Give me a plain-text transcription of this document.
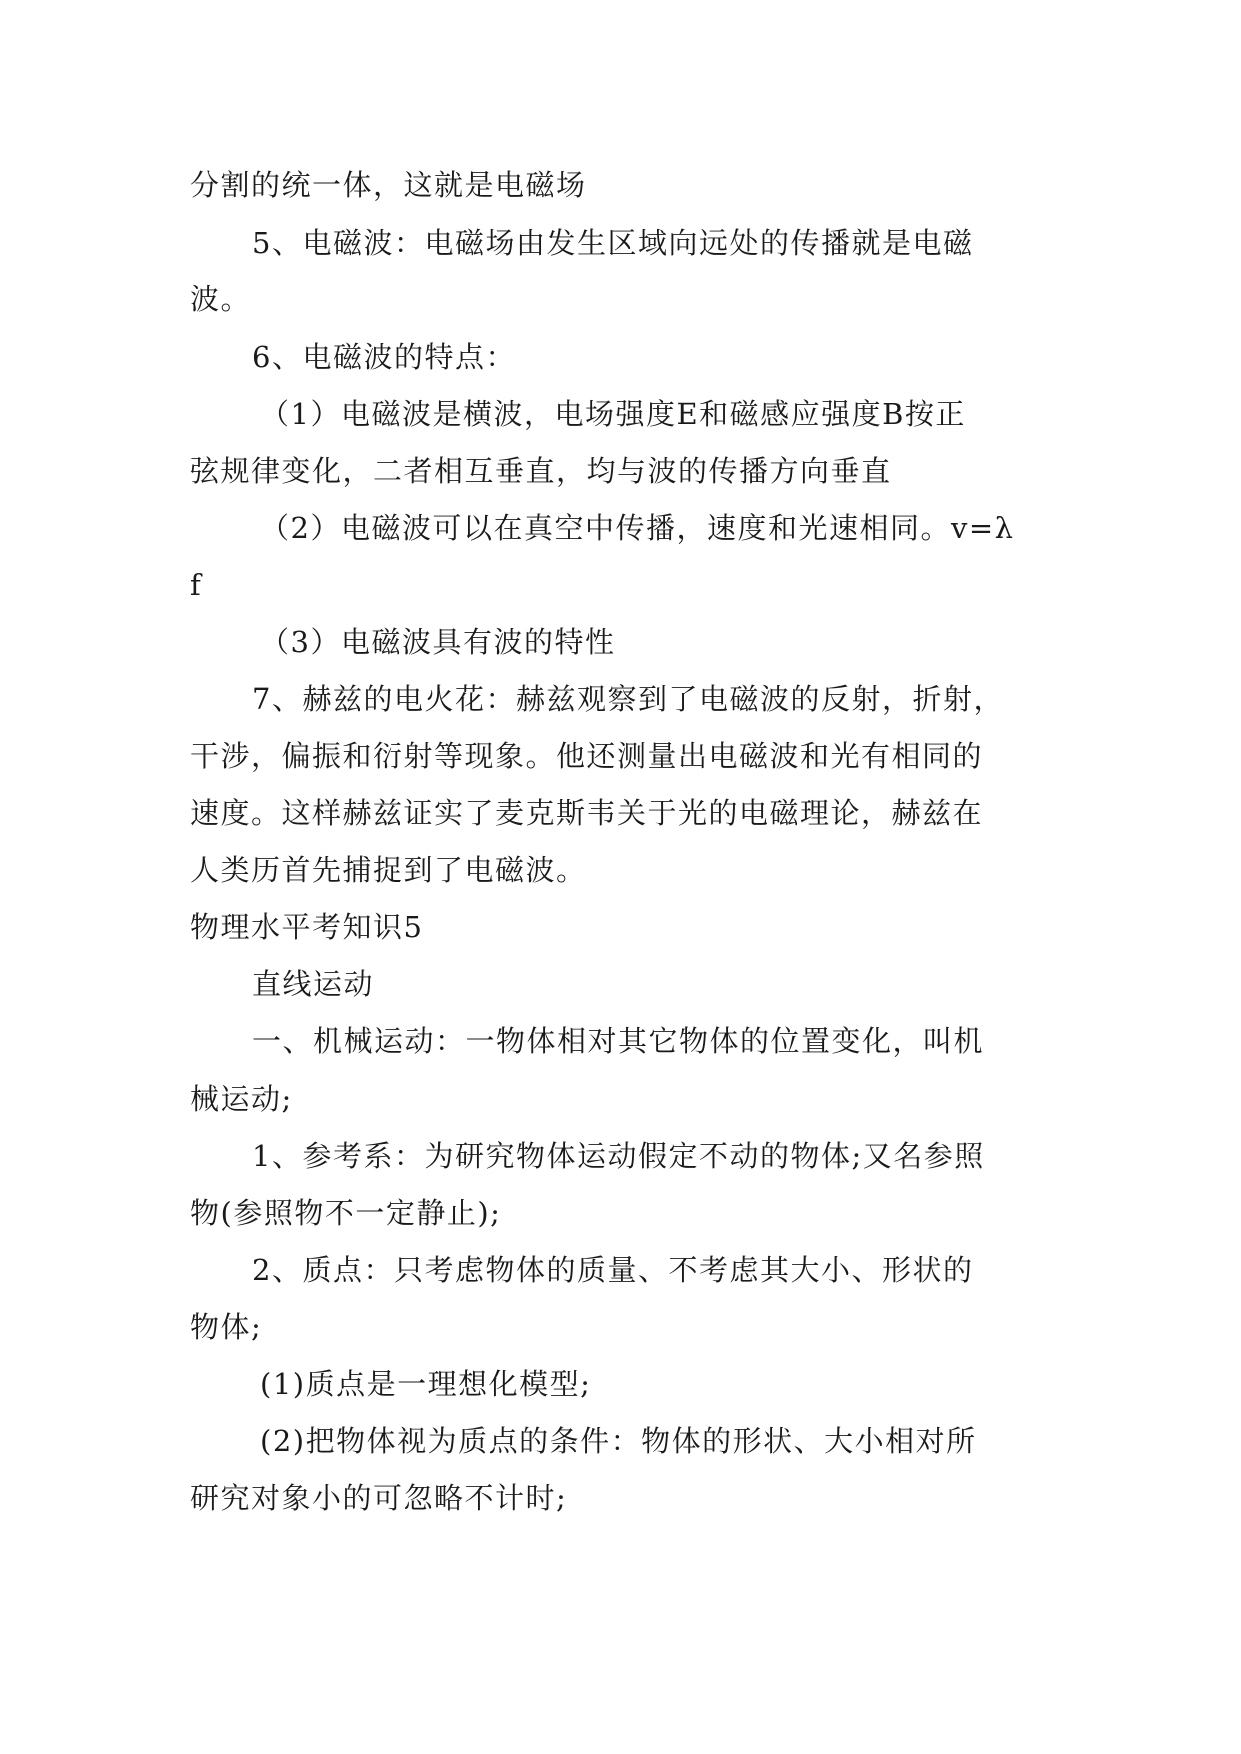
分割的统一体，这就是电磁场
5、电磁波：电磁场由发生区域向远处的传播就是电磁
波。
6、电磁波的特点：
（1）电磁波是横波，电场强度E和磁感应强度B按正
弦规律变化，二者相互垂直，均与波的传播方向垂直
（2）电磁波可以在真空中传播，速度和光速相同。v=λ
f
（3）电磁波具有波的特性
7、赫兹的电火花：赫兹观察到了电磁波的反射，折射，
干涉，偏振和衍射等现象。他还测量出电磁波和光有相同的
速度。这样赫兹证实了麦克斯韦关于光的电磁理论，赫兹在
人类历首先捕捉到了电磁波。
物理水平考知识5
直线运动
一、机械运动：一物体相对其它物体的位置变化，叫机
械运动;
1、参考系：为研究物体运动假定不动的物体;又名参照
物(参照物不一定静止);
2、质点：只考虑物体的质量、不考虑其大小、形状的
物体;
(1)质点是一理想化模型;
(2)把物体视为质点的条件：物体的形状、大小相对所
研究对象小的可忽略不计时;
